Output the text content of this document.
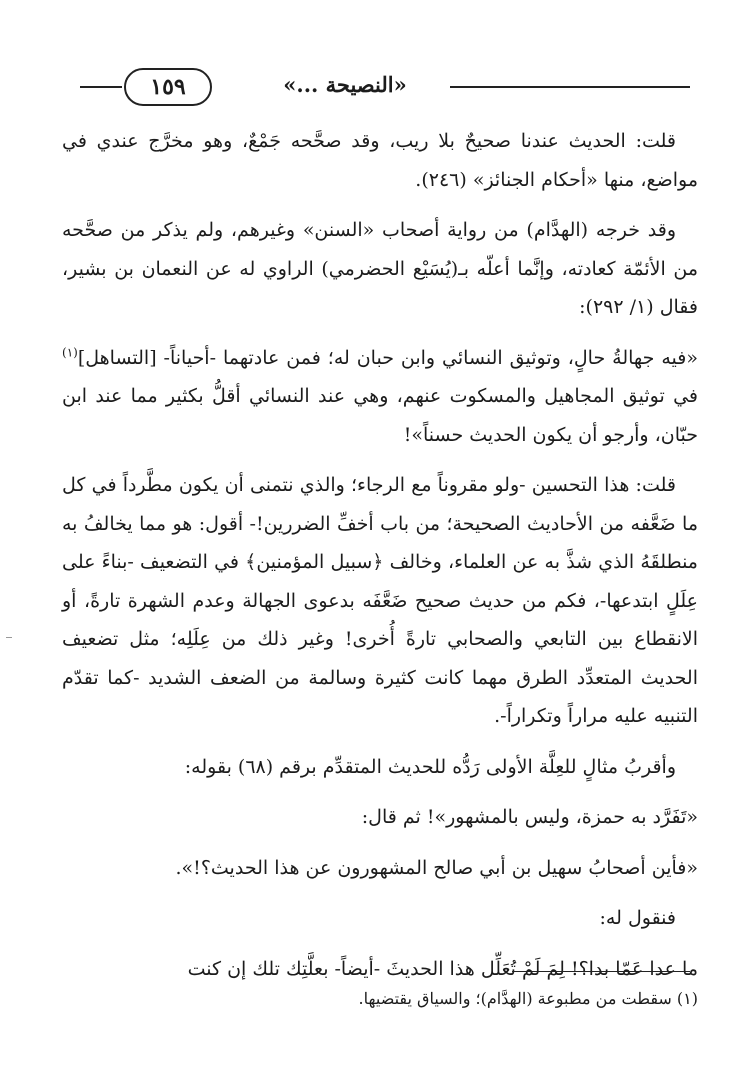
١٥٩	«النصيحة ...»

قلت: الحديث عندنا صحيحٌ بلا ريب، وقد صحَّحه جَمْعٌ، وهو مخرَّج عندي في مواضع، منها «أحكام الجنائز» (٢٤٦).

وقد خرجه (الهدَّام) من رواية أصحاب «السنن» وغيرهم، ولم يذكر من صحَّحه من الأئمّة كعادته، وإنَّما أعلّه بـ(يُسَيْع الحضرمي) الراوي له عن النعمان بن بشير، فقال (١/ ٢٩٢):

«فيه جهالةُ حالٍ، وتوثيق النسائي وابن حبان له؛ فمن عادتهما -أحياناً- [التساهل]$^{(١)}$ في توثيق المجاهيل والمسكوت عنهم، وهي عند النسائي أقلُّ بكثير مما عند ابن حبّان، وأرجو أن يكون الحديث حسناً»!

قلت: هذا التحسين -ولو مقروناً مع الرجاء؛ والذي نتمنى أن يكون مطَّرداً في كل ما ضَعَّفه من الأحاديث الصحيحة؛ من باب أخفِّ الضررين!- أقول: هو مما يخالفُ به منطلقَهُ الذي شذَّ به عن العلماء، وخالف ﴿سبيل المؤمنين﴾ في التضعيف -بناءً على عِلَلٍ ابتدعها-، فكم من حديث صحيح ضَعَّفَه بدعوى الجهالة وعدم الشهرة تارةً، أو الانقطاع بين التابعي والصحابي تارةً أُخرى! وغير ذلك من عِلَلِه؛ مثل تضعيف الحديث المتعدِّد الطرق مهما كانت كثيرة وسالمة من الضعف الشديد -كما تقدّم التنبيه عليه مراراً وتكراراً-.

وأقربُ مثالٍ للعِلَّة الأولى رَدُّه للحديث المتقدِّم برقم (٦٨) بقوله:

«تَفَرَّد به حمزة، وليس بالمشهور»! ثم قال:

«فأين أصحابُ سهيل بن أبي صالح المشهورون عن هذا الحديث؟!».

فنقول له:

ما عدا عَمّا بدا؟! لِمَ لَمْ تُعَلِّل هذا الحديثَ -أيضاً- بعلَّتِك تلك إن كنت

(١) سقطت من مطبوعة (الهدَّام)؛ والسياق يقتضيها.
